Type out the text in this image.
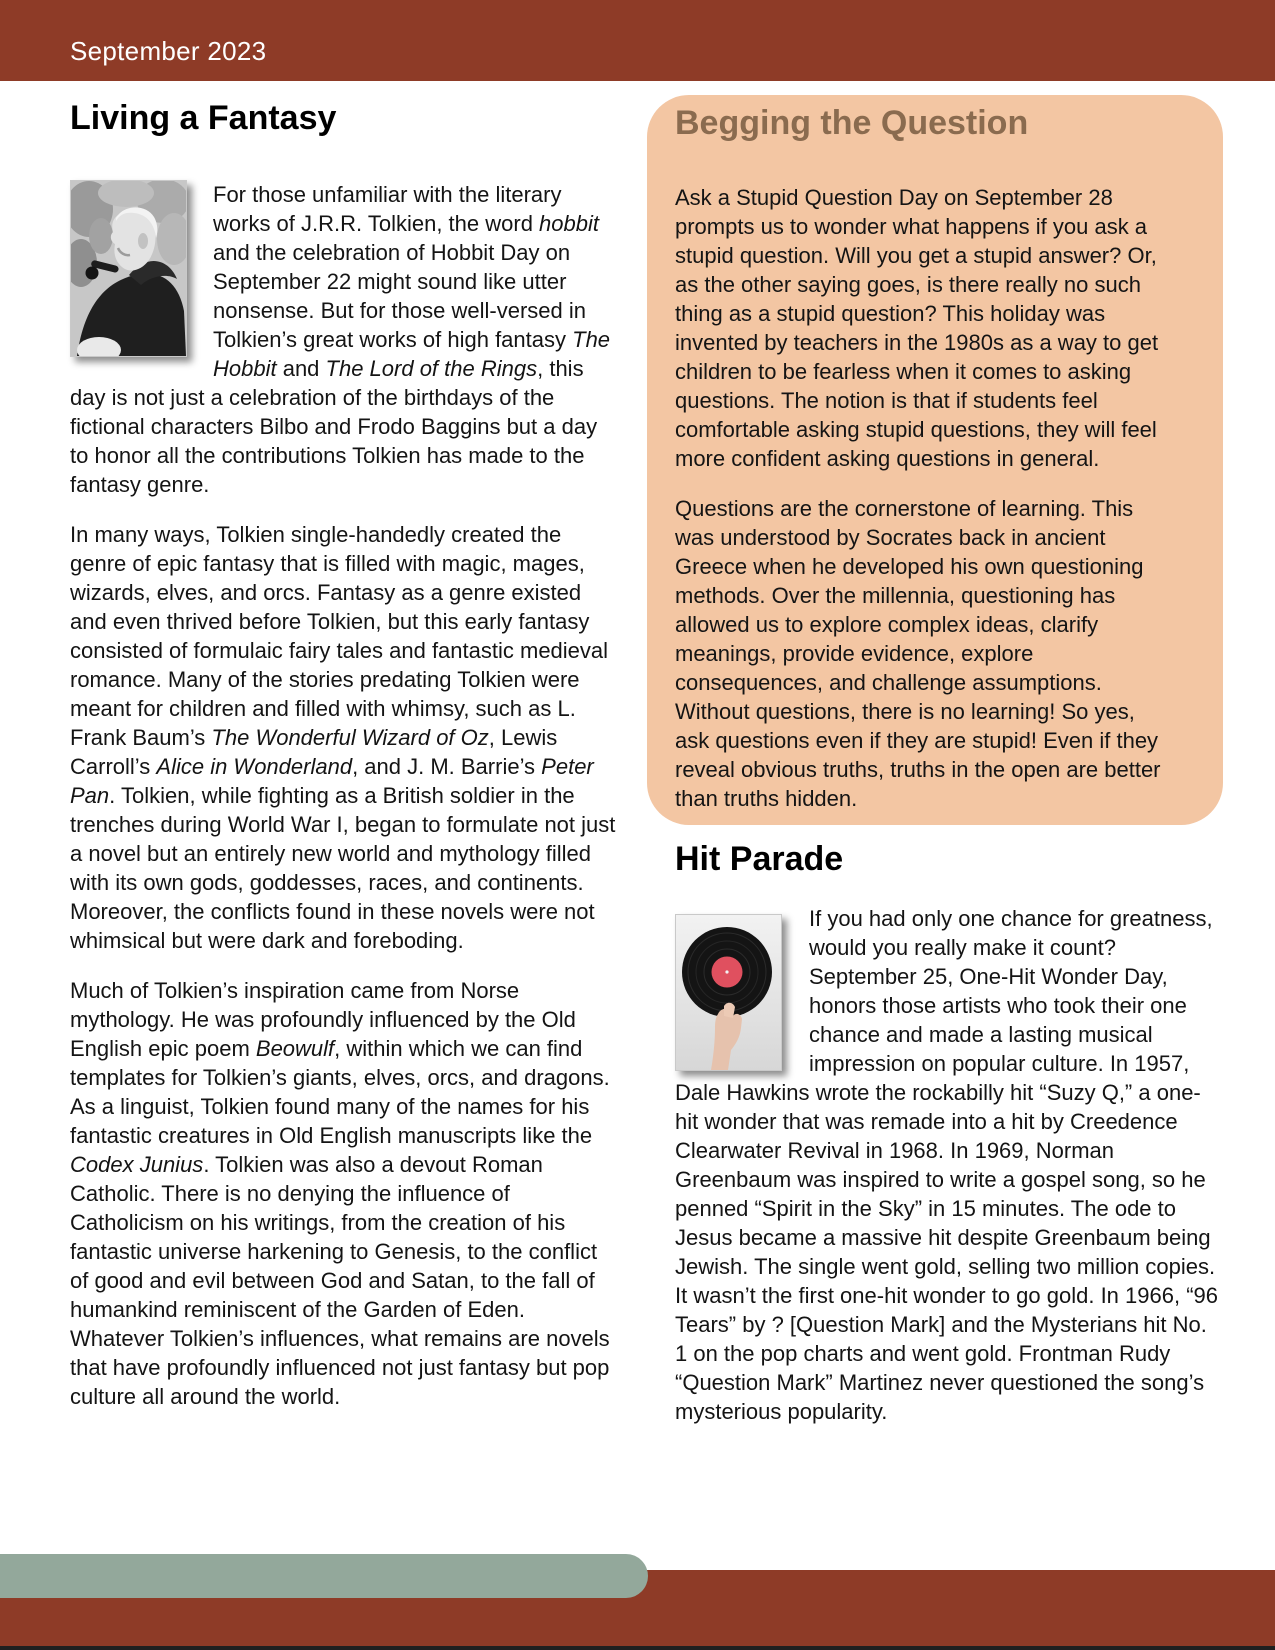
September 2023
Living a Fantasy

For those unfamiliar with the literary works of J.R.R. Tolkien, the word hobbit and the celebration of Hobbit Day on September 22 might sound like utter nonsense. But for those well-versed in Tolkien’s great works of high fantasy The Hobbit and The Lord of the Rings, this day is not just a celebration of the birthdays of the fictional characters Bilbo and Frodo Baggins but a day to honor all the contributions Tolkien has made to the fantasy genre.

In many ways, Tolkien single-handedly created the genre of epic fantasy that is filled with magic, mages, wizards, elves, and orcs. Fantasy as a genre existed and even thrived before Tolkien, but this early fantasy consisted of formulaic fairy tales and fantastic medieval romance. Many of the stories predating Tolkien were meant for children and filled with whimsy, such as L. Frank Baum’s The Wonderful Wizard of Oz, Lewis Carroll’s Alice in Wonderland, and J. M. Barrie’s Peter Pan. Tolkien, while fighting as a British soldier in the trenches during World War I, began to formulate not just a novel but an entirely new world and mythology filled with its own gods, goddesses, races, and continents. Moreover, the conflicts found in these novels were not whimsical but were dark and foreboding.

Much of Tolkien’s inspiration came from Norse mythology. He was profoundly influenced by the Old English epic poem Beowulf, within which we can find templates for Tolkien’s giants, elves, orcs, and dragons. As a linguist, Tolkien found many of the names for his fantastic creatures in Old English manuscripts like the Codex Junius. Tolkien was also a devout Roman Catholic. There is no denying the influence of Catholicism on his writings, from the creation of his fantastic universe harkening to Genesis, to the conflict of good and evil between God and Satan, to the fall of humankind reminiscent of the Garden of Eden. Whatever Tolkien’s influences, what remains are novels that have profoundly influenced not just fantasy but pop culture all around the world.

Begging the Question

Ask a Stupid Question Day on September 28 prompts us to wonder what happens if you ask a stupid question. Will you get a stupid answer? Or, as the other saying goes, is there really no such thing as a stupid question? This holiday was invented by teachers in the 1980s as a way to get children to be fearless when it comes to asking questions. The notion is that if students feel comfortable asking stupid questions, they will feel more confident asking questions in general.

Questions are the cornerstone of learning. This was understood by Socrates back in ancient Greece when he developed his own questioning methods. Over the millennia, questioning has allowed us to explore complex ideas, clarify meanings, provide evidence, explore consequences, and challenge assumptions. Without questions, there is no learning! So yes, ask questions even if they are stupid! Even if they reveal obvious truths, truths in the open are better than truths hidden.

Hit Parade

If you had only one chance for greatness, would you really make it count? September 25, One-Hit Wonder Day, honors those artists who took their one chance and made a lasting musical impression on popular culture. In 1957, Dale Hawkins wrote the rockabilly hit “Suzy Q,” a one-hit wonder that was remade into a hit by Creedence Clearwater Revival in 1968. In 1969, Norman Greenbaum was inspired to write a gospel song, so he penned “Spirit in the Sky” in 15 minutes. The ode to Jesus became a massive hit despite Greenbaum being Jewish. The single went gold, selling two million copies. It wasn’t the first one-hit wonder to go gold. In 1966, “96 Tears” by ? [Question Mark] and the Mysterians hit No. 1 on the pop charts and went gold. Frontman Rudy “Question Mark” Martinez never questioned the song’s mysterious popularity.
